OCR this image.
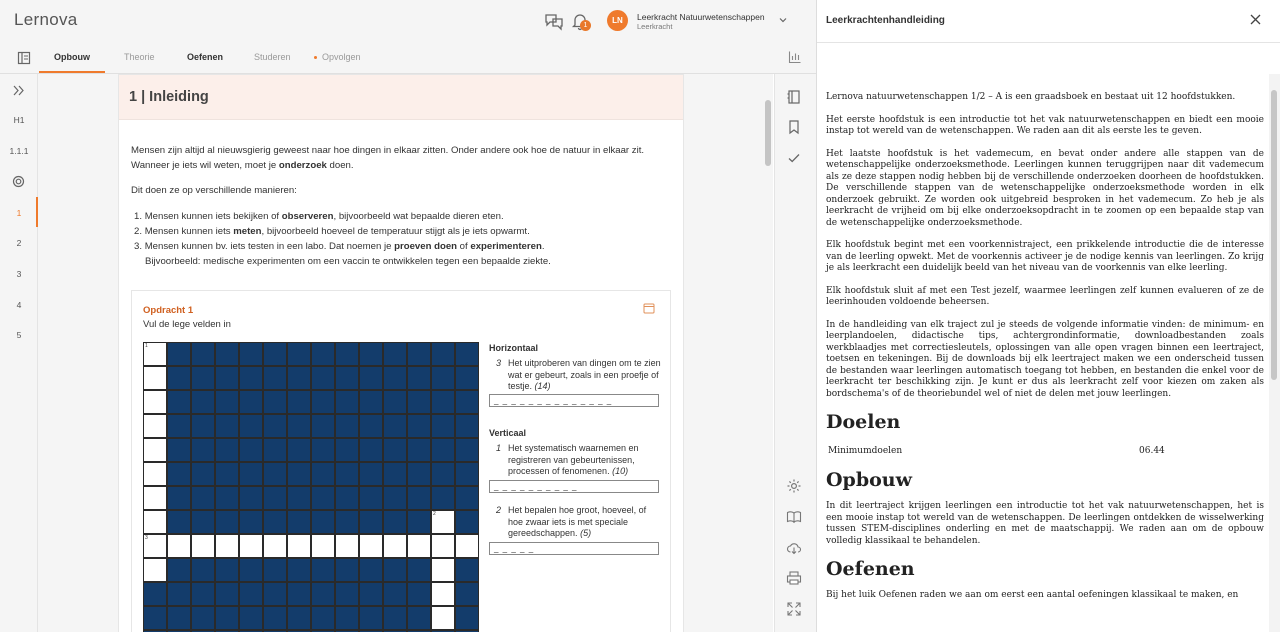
Lernova	1
LN	Leerkracht Natuurwetenschappen
Leerkracht
Opbouw	Theorie	Oefenen	Studeren	Opvolgen
H1
1.1.1
1
2
3
4
5
1 | Inleiding
Mensen zijn altijd al nieuwsgierig geweest naar hoe dingen in elkaar zitten. Onder andere ook hoe de natuur in elkaar zit.
Wanneer je iets wil weten, moet je onderzoek doen.
Dit doen ze op verschillende manieren:
1. Mensen kunnen iets bekijken of observeren, bijvoorbeeld wat bepaalde dieren eten.
2. Mensen kunnen iets meten, bijvoorbeeld hoeveel de temperatuur stijgt als je iets opwarmt.
3. Mensen kunnen bv. iets testen in een labo. Dat noemen je proeven doen of experimenteren.
Bijvoorbeeld: medische experimenten om een vaccin te ontwikkelen tegen een bepaalde ziekte.
Opdracht 1
Vul de lege velden in
1
2
3
Horizontaal
3 Het uitproberen van dingen om te zien wat er gebeurt, zoals in een proefje of testje. (14)
_ _ _ _ _ _ _ _ _ _ _ _ _ _
Verticaal
1 Het systematisch waarnemen en registreren van gebeurtenissen, processen of fenomenen. (10)
_ _ _ _ _ _ _ _ _ _
2 Het bepalen hoe groot, hoeveel, of hoe zwaar iets is met speciale gereedschappen. (5)
_ _ _ _ _
Leerkrachtenhandleiding

Lernova natuurwetenschappen 1/2 – A is een graadsboek en bestaat uit 12 hoofdstukken.

Het eerste hoofdstuk is een introductie tot het vak natuurwetenschappen en biedt een mooie instap tot wereld van de wetenschappen. We raden aan dit als eerste les te geven.

Het laatste hoofdstuk is het vademecum, en bevat onder andere alle stappen van de wetenschappelijke onderzoeksmethode. Leerlingen kunnen teruggrijpen naar dit vademecum als ze deze stappen nodig hebben bij de verschillende onderzoeken doorheen de hoofdstukken. De verschillende stappen van de wetenschappelijke onderzoeksmethode worden in elk onderzoek gebruikt. Ze worden ook uitgebreid besproken in het vademecum. Zo heb je als leerkracht de vrijheid om bij elke onderzoeksopdracht in te zoomen op een bepaalde stap van de wetenschappelijke onderzoeksmethode.

Elk hoofdstuk begint met een voorkennistraject, een prikkelende introductie die de interesse van de leerling opwekt. Met de voorkennis activeer je de nodige kennis van leerlingen. Zo krijg je als leerkracht een duidelijk beeld van het niveau van de voorkennis van elke leerling.

Elk hoofdstuk sluit af met een Test jezelf, waarmee leerlingen zelf kunnen evalueren of ze de leerinhouden voldoende beheersen.

In de handleiding van elk traject zul je steeds de volgende informatie vinden: de minimum- en leerplandoelen, didactische tips, achtergrondinformatie, downloadbestanden zoals werkblaadjes met correctiesleutels, oplossingen van alle open vragen binnen een leertraject, toetsen en tekeningen. Bij de downloads bij elk leertraject maken we een onderscheid tussen de bestanden waar leerlingen automatisch toegang tot hebben, en bestanden die enkel voor de leerkracht ter beschikking zijn. Je kunt er dus als leerkracht zelf voor kiezen om zaken als bordschema's of de theoriebundel wel of niet de delen met jouw leerlingen.

Doelen
Minimumdoelen	06.44
Opbouw

In dit leertraject krijgen leerlingen een introductie tot het vak natuurwetenschappen, het is een mooie instap tot wereld van de wetenschappen. De leerlingen ontdekken de wisselwerking tussen STEM-disciplines onderling en met de maatschappij. We raden aan om de opbouw volledig klassikaal te behandelen.

Oefenen

Bij het luik Oefenen raden we aan om eerst een aantal oefeningen klassikaal te maken, en
